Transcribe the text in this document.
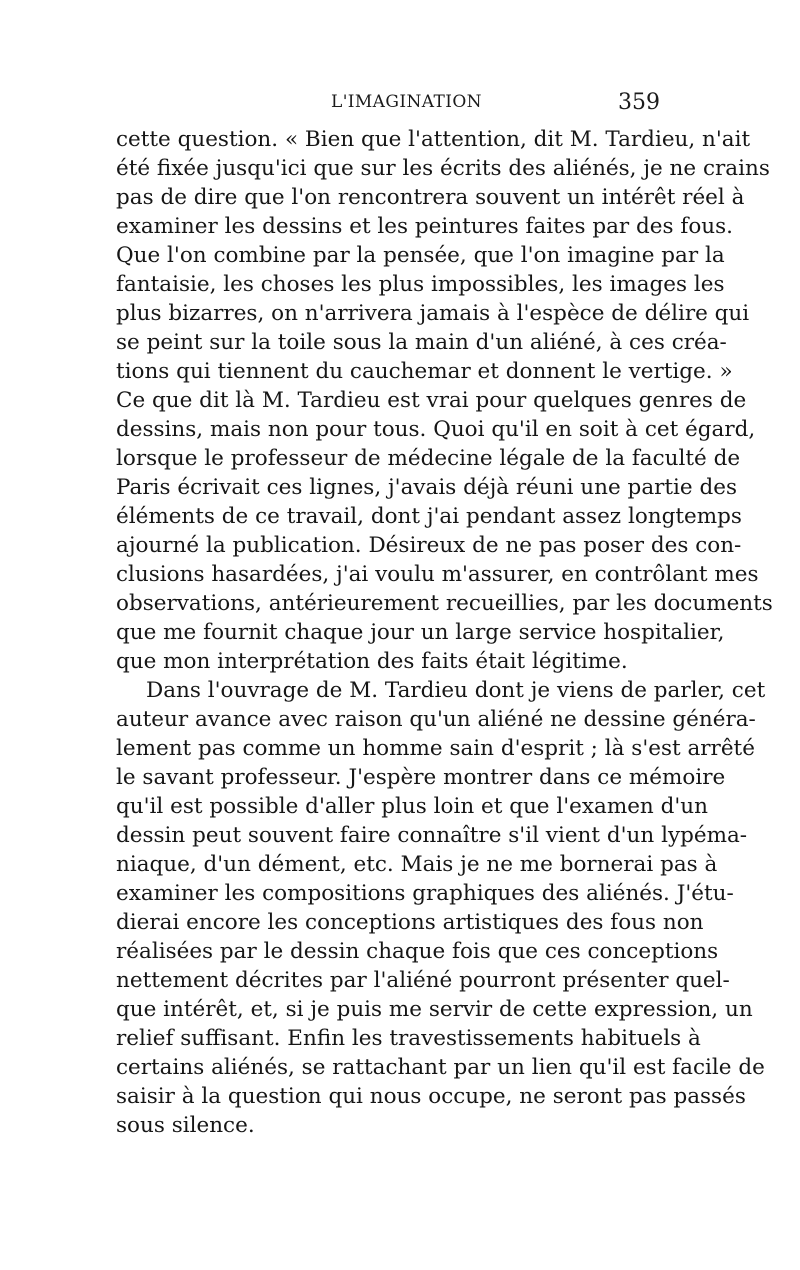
L'IMAGINATION	359
cette question. « Bien que l'attention, dit M. Tardieu, n'ait
été fixée jusqu'ici que sur les écrits des aliénés, je ne crains
pas de dire que l'on rencontrera souvent un intérêt réel à
examiner les dessins et les peintures faites par des fous.
Que l'on combine par la pensée, que l'on imagine par la
fantaisie, les choses les plus impossibles, les images les
plus bizarres, on n'arrivera jamais à l'espèce de délire qui
se peint sur la toile sous la main d'un aliéné, à ces créa-
tions qui tiennent du cauchemar et donnent le vertige. »
Ce que dit là M. Tardieu est vrai pour quelques genres de
dessins, mais non pour tous. Quoi qu'il en soit à cet égard,
lorsque le professeur de médecine légale de la faculté de
Paris écrivait ces lignes, j'avais déjà réuni une partie des
éléments de ce travail, dont j'ai pendant assez longtemps
ajourné la publication. Désireux de ne pas poser des con-
clusions hasardées, j'ai voulu m'assurer, en contrôlant mes
observations, antérieurement recueillies, par les documents
que me fournit chaque jour un large service hospitalier,
que mon interprétation des faits était légitime.
Dans l'ouvrage de M. Tardieu dont je viens de parler, cet
auteur avance avec raison qu'un aliéné ne dessine généra-
lement pas comme un homme sain d'esprit ; là s'est arrêté
le savant professeur. J'espère montrer dans ce mémoire
qu'il est possible d'aller plus loin et que l'examen d'un
dessin peut souvent faire connaître s'il vient d'un lypéma-
niaque, d'un dément, etc. Mais je ne me bornerai pas à
examiner les compositions graphiques des aliénés. J'étu-
dierai encore les conceptions artistiques des fous non
réalisées par le dessin chaque fois que ces conceptions
nettement décrites par l'aliéné pourront présenter quel-
que intérêt, et, si je puis me servir de cette expression, un
relief suffisant. Enfin les travestissements habituels à
certains aliénés, se rattachant par un lien qu'il est facile de
saisir à la question qui nous occupe, ne seront pas passés
sous silence.
